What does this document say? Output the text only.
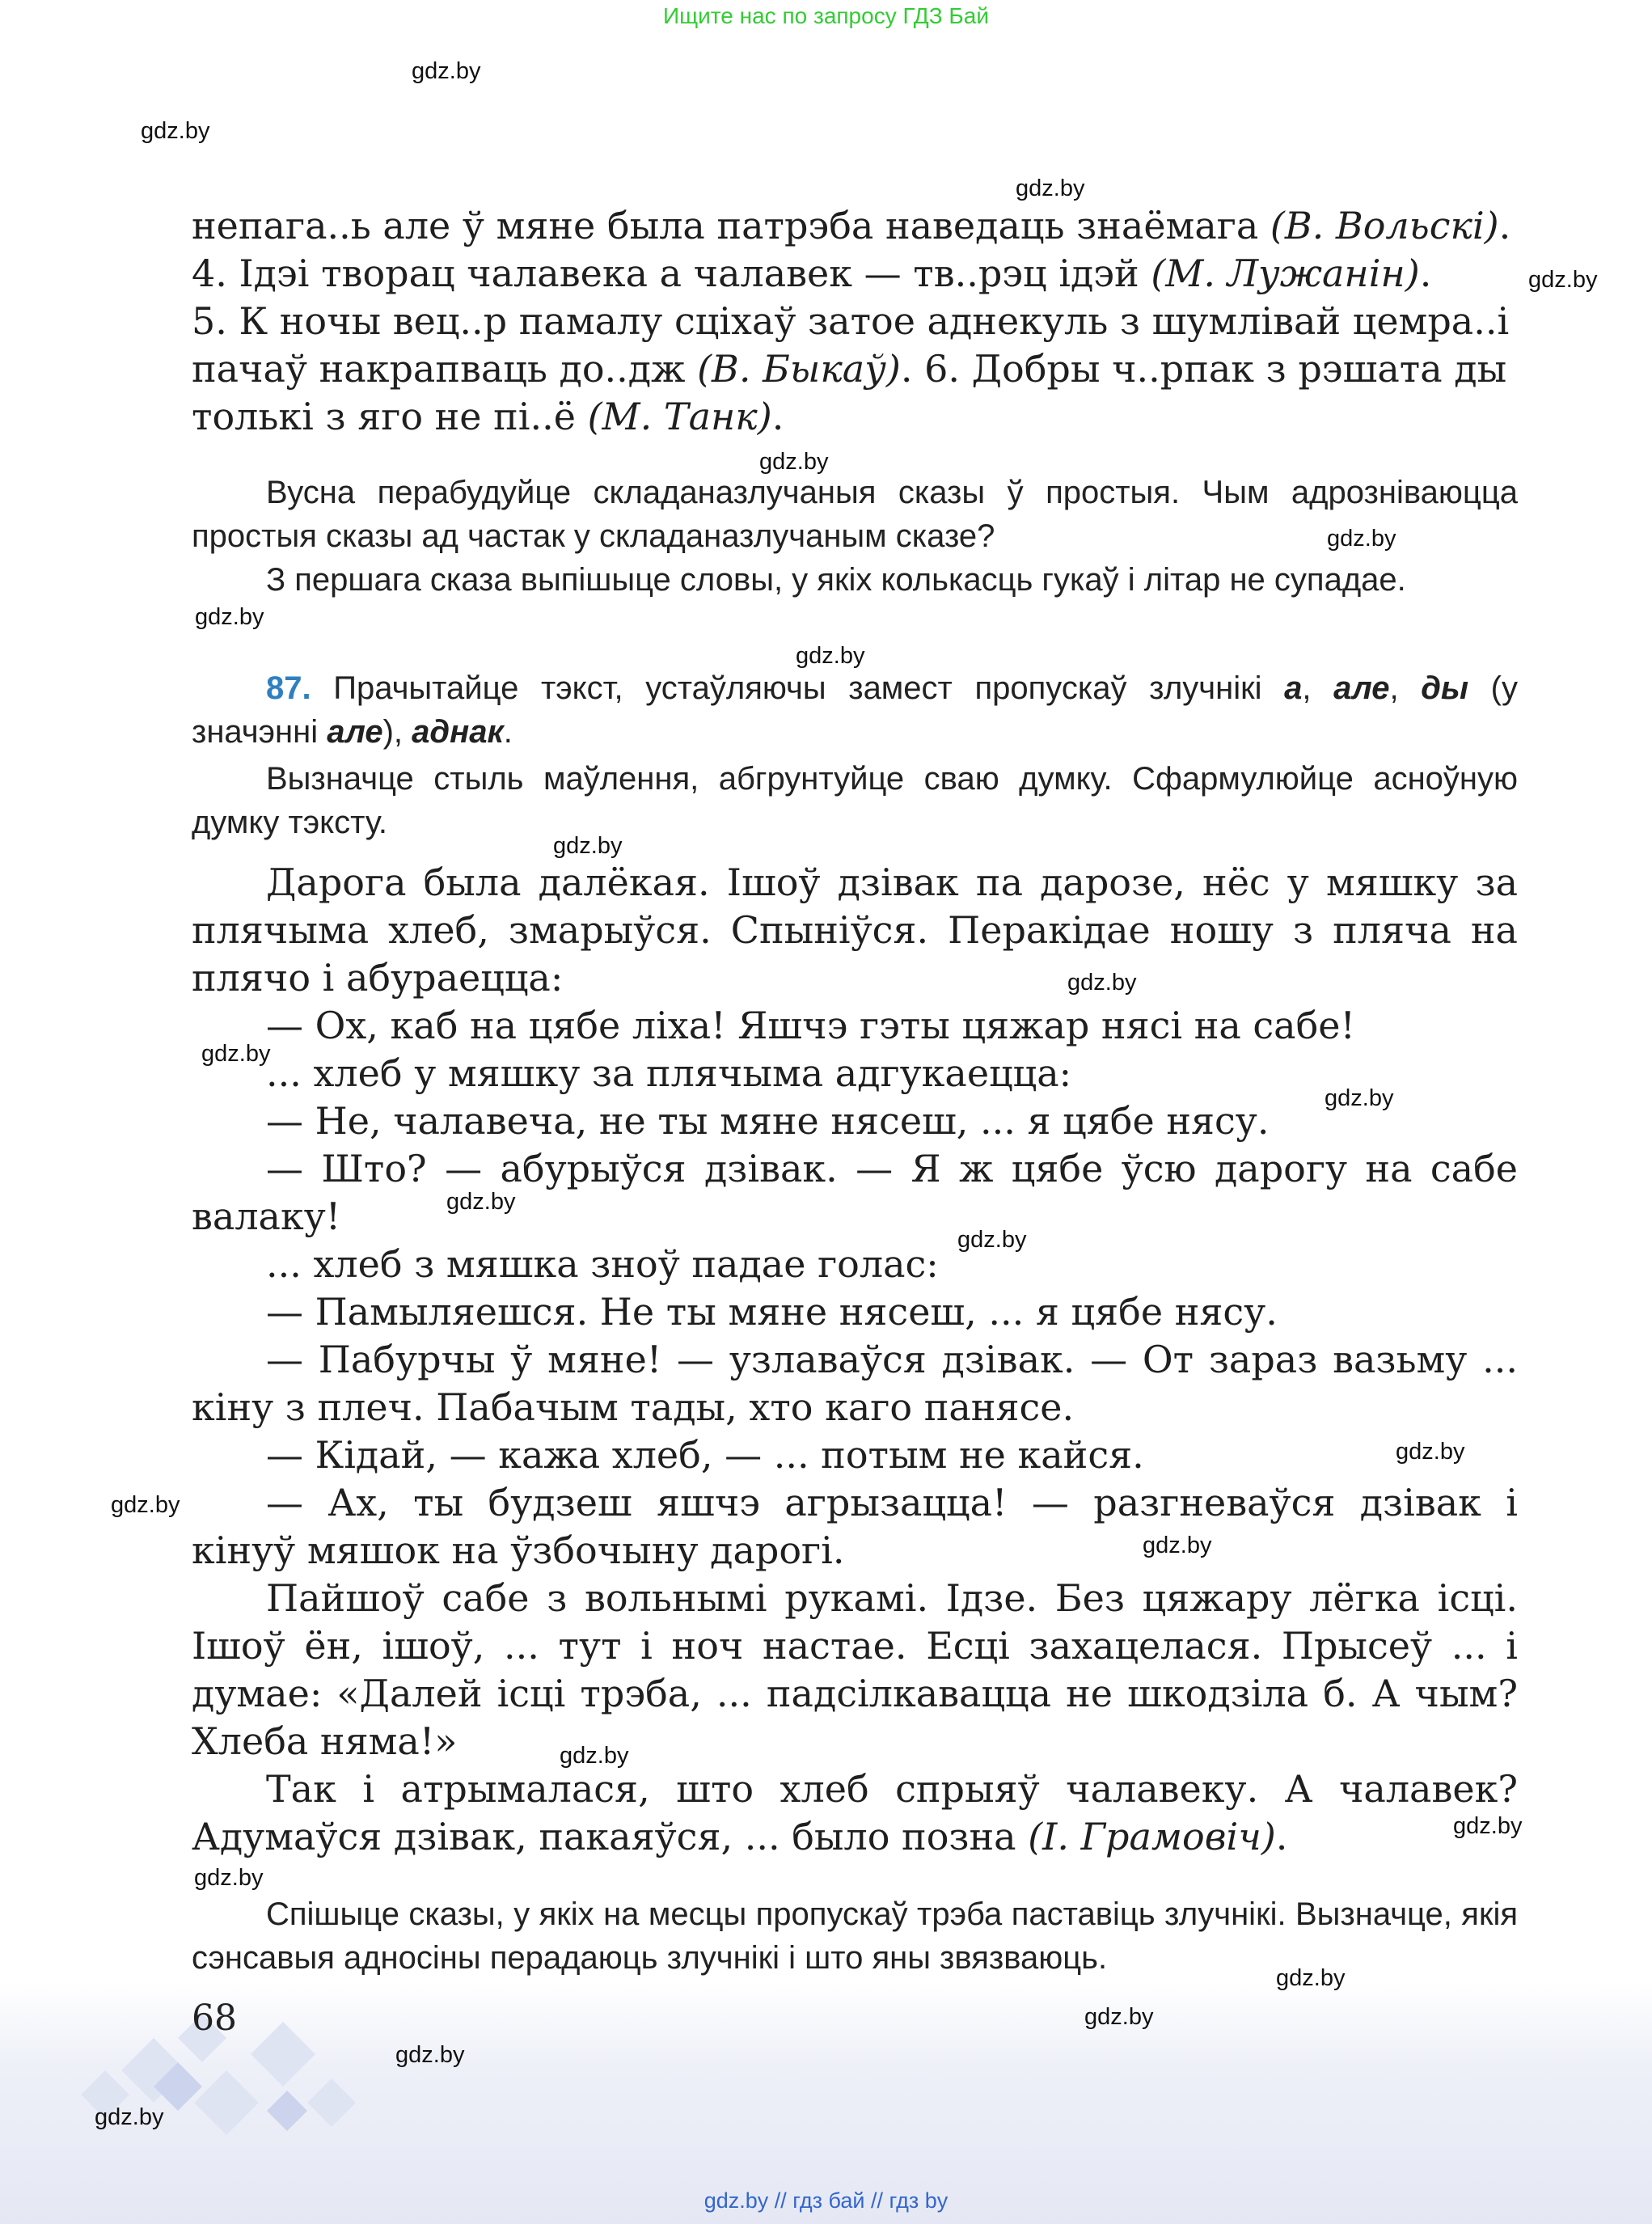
Ищите нас по запросу ГДЗ Бай
gdz.by
gdz.by
gdz.by
gdz.by
gdz.by
gdz.by
gdz.by
gdz.by
gdz.by
gdz.by
gdz.by
gdz.by
gdz.by
gdz.by
gdz.by
gdz.by
gdz.by
gdz.by
gdz.by
gdz.by
gdz.by
gdz.by
gdz.by
gdz.by
непага..ь але ў мяне была патрэба наведаць знаёмага (В. Вольскі).
4. Ідэі творац чалавека а чалавек — тв..рэц ідэй (М. Лужанін).
5. К ночы вец..р памалу сціхаў затое аднекуль з шумлівай цемра..і
пачаў накрапваць до..дж (В. Быкаў). 6. Добры ч..рпак з рэшата ды
толькі з яго не пі..ё (М. Танк).
Вусна перабудуйце складаназлучаныя сказы ў простыя. Чым адрозніваюцца простыя сказы ад частак у складаназлучаным сказе?
З першага сказа выпішыце словы, у якіх колькасць гукаў і літар не супадае.
87. Прачытайце тэкст, устаўляючы замест пропускаў злучнікі а, але, ды (у значэнні але), аднак.
Вызначце стыль маўлення, абгрунтуйце сваю думку. Сфармулюйце асноўную думку тэксту.
Дарога была далёкая. Ішоў дзівак па дарозе, нёс у мяшку за плячыма хлеб, змарыўся. Спыніўся. Перакідае ношу з пляча на плячо і абураецца:
— Ох, каб на цябе ліха! Яшчэ гэты цяжар нясі на сабе!
... хлеб у мяшку за плячыма адгукаецца:
— Не, чалавеча, не ты мяне нясеш, ... я цябе нясу.
— Што? — абурыўся дзівак. — Я ж цябе ўсю дарогу на сабе валаку!
... хлеб з мяшка зноў падае голас:
— Памыляешся. Не ты мяне нясеш, ... я цябе нясу.
— Пабурчы ў мяне! — узлаваўся дзівак. — От зараз вазьму ... кіну з плеч. Пабачым тады, хто каго панясе.
— Кідай, — кажа хлеб, — ... потым не кайся.
— Ах, ты будзеш яшчэ агрызацца! — разгневаўся дзівак і кінуў мяшок на ўзбочыну дарогі.
Пайшоў сабе з вольнымі рукамі. Ідзе. Без цяжару лёгка ісці. Ішоў ён, ішоў, ... тут і ноч настае. Есці захацелася. Прысеў ... і думае: «Далей ісці трэба, ... падсілкавацца не шкодзіла б. А чым? Хлеба няма!»
Так і атрымалася, што хлеб спрыяў чалавеку. А чалавек? Адумаўся дзівак, пакаяўся, ... было позна (І. Грамовіч).
Спішыце сказы, у якіх на месцы пропускаў трэба паставіць злучнікі. Вызначце, якія сэнсавыя адносіны перадаюць злучнікі і што яны звязваюць.
68
gdz.by // гдз бай // гдз by
